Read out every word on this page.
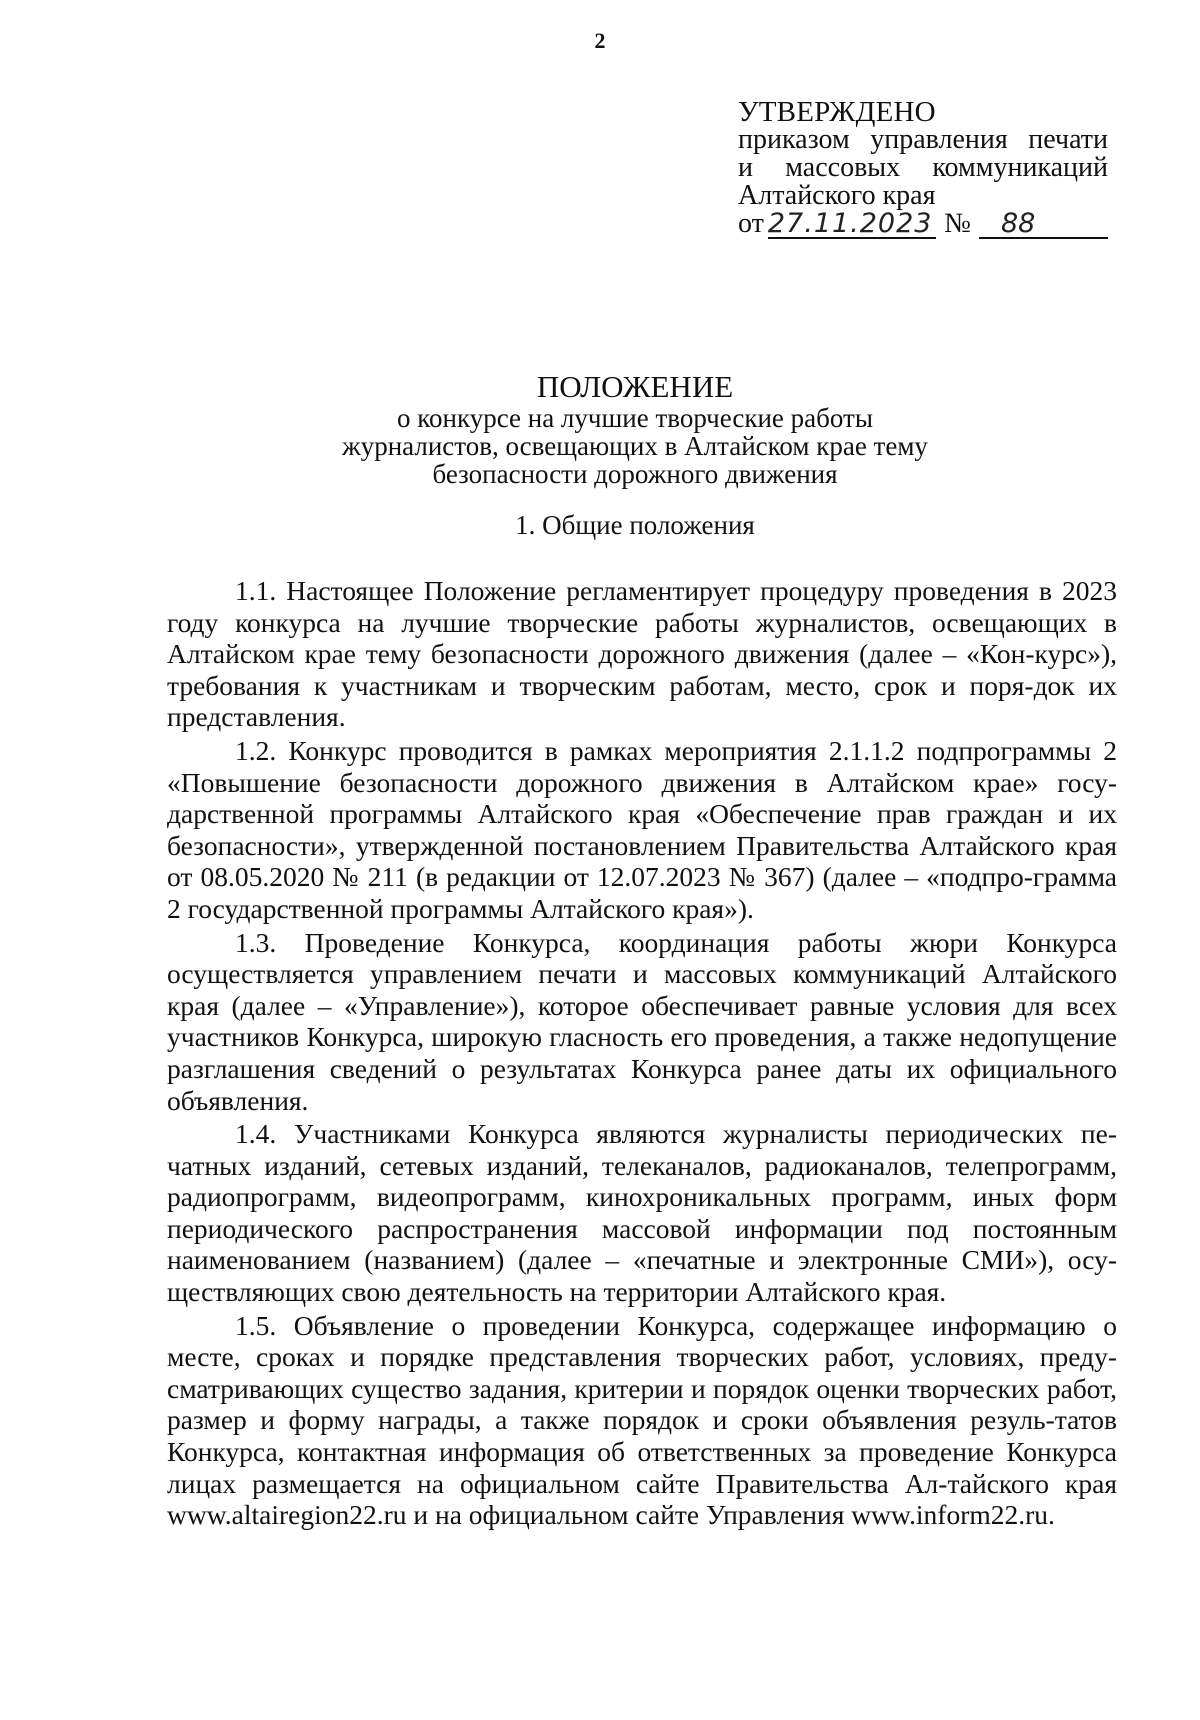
2
УТВЕРЖДЕНО
приказом управления печати
и массовых коммуникаций
Алтайского края
от 27.11.2023 №	88
ПОЛОЖЕНИЕ
о конкурсе на лучшие творческие работы
журналистов, освещающих в Алтайском крае тему
безопасности дорожного движения
1. Общие положения

1.1. Настоящее Положение регламентирует процедуру проведения в 2023 году конкурса на лучшие творческие работы журналистов, освещающих в Алтайском крае тему безопасности дорожного движения (далее – «Кон-курс»), требования к участникам и творческим работам, место, срок и поря-док их представления.

1.2. Конкурс проводится в рамках мероприятия 2.1.1.2 подпрограммы 2 «Повышение безопасности дорожного движения в Алтайском крае» госу-дарственной программы Алтайского края «Обеспечение прав граждан и их безопасности», утвержденной постановлением Правительства Алтайского края от 08.05.2020 № 211 (в редакции от 12.07.2023 № 367) (далее – «подпро-грамма 2 государственной программы Алтайского края»).

1.3. Проведение Конкурса, координация работы жюри Конкурса осуществляется управлением печати и массовых коммуникаций Алтайского края (далее – «Управление»), которое обеспечивает равные условия для всех участников Конкурса, широкую гласность его проведения, а также недопущение разглашения сведений о результатах Конкурса ранее даты их официального объявления.

1.4. Участниками Конкурса являются журналисты периодических пе-чатных изданий, сетевых изданий, телеканалов, радиоканалов, телепрограмм, радиопрограмм, видеопрограмм, кинохроникальных программ, иных форм периодического распространения массовой информации под постоянным наименованием (названием) (далее – «печатные и электронные СМИ»), осу-ществляющих свою деятельность на территории Алтайского края.

1.5. Объявление о проведении Конкурса, содержащее информацию о месте, сроках и порядке представления творческих работ, условиях, преду-сматривающих существо задания, критерии и порядок оценки творческих работ, размер и форму награды, а также порядок и сроки объявления резуль-татов Конкурса, контактная информация об ответственных за проведение Конкурса лицах размещается на официальном сайте Правительства Ал-тайского края www.altairegion22.ru и на официальном сайте Управления www.inform22.ru.
